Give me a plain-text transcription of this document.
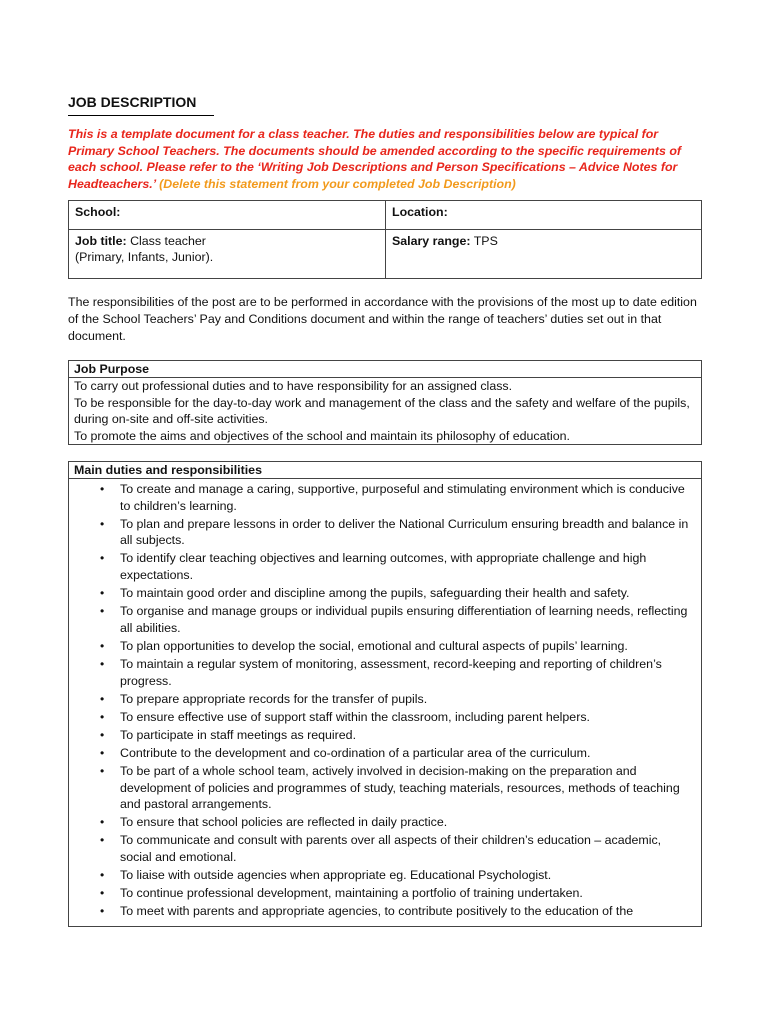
JOB DESCRIPTION
This is a template document for a class teacher. The duties and responsibilities below are typical for Primary School Teachers. The documents should be amended according to the specific requirements of each school. Please refer to the ‘Writing Job Descriptions and Person Specifications – Advice Notes for Headteachers.’ (Delete this statement from your completed Job Description)
School:	Location:
Job title: Class teacher
(Primary, Infants, Junior).	Salary range: TPS
The responsibilities of the post are to be performed in accordance with the provisions of the most up to date edition of the School Teachers’ Pay and Conditions document and within the range of teachers’ duties set out in that document.
Job Purpose
To carry out professional duties and to have responsibility for an assigned class.
To be responsible for the day-to-day work and management of the class and the safety and welfare of the pupils, during on-site and off-site activities.
To promote the aims and objectives of the school and maintain its philosophy of education.
Main duties and responsibilities
• To create and manage a caring, supportive, purposeful and stimulating environment which is conducive to children’s learning.
• To plan and prepare lessons in order to deliver the National Curriculum ensuring breadth and balance in all subjects.
• To identify clear teaching objectives and learning outcomes, with appropriate challenge and high expectations.
• To maintain good order and discipline among the pupils, safeguarding their health and safety.
• To organise and manage groups or individual pupils ensuring differentiation of learning needs, reflecting all abilities.
• To plan opportunities to develop the social, emotional and cultural aspects of pupils’ learning.
• To maintain a regular system of monitoring, assessment, record-keeping and reporting of children’s progress.
• To prepare appropriate records for the transfer of pupils.
• To ensure effective use of support staff within the classroom, including parent helpers.
• To participate in staff meetings as required.
• Contribute to the development and co-ordination of a particular area of the curriculum.
• To be part of a whole school team, actively involved in decision-making on the preparation and development of policies and programmes of study, teaching materials, resources, methods of teaching and pastoral arrangements.
• To ensure that school policies are reflected in daily practice.
• To communicate and consult with parents over all aspects of their children’s education – academic, social and emotional.
• To liaise with outside agencies when appropriate eg. Educational Psychologist.
• To continue professional development, maintaining a portfolio of training undertaken.
• To meet with parents and appropriate agencies, to contribute positively to the education of the
